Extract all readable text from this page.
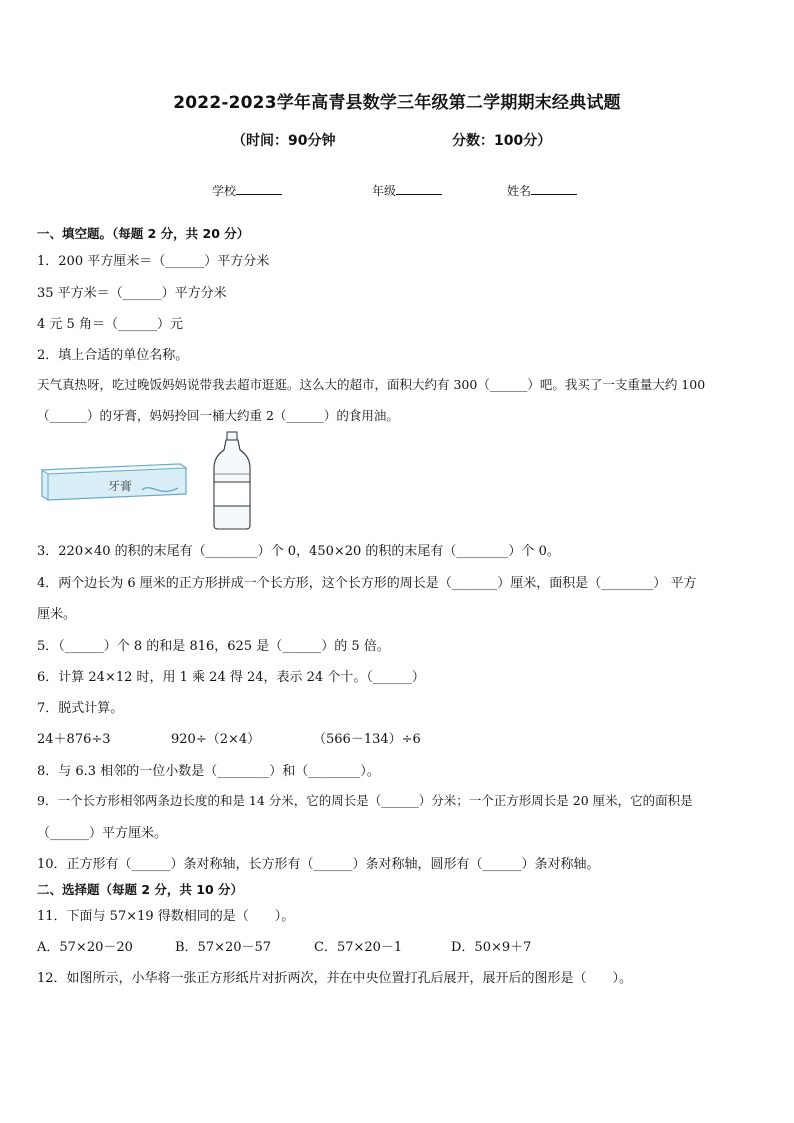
2022-2023学年高青县数学三年级第二学期期末经典试题
（时间：90分钟	分数：100分）
学校	年级	姓名
一、填空题。（每题 2 分，共 20 分）
1．200 平方厘米＝（______）平方分米
35 平方米＝（______）平方分米
4 元 5 角＝（______）元
2．填上合适的单位名称。
天气真热呀，吃过晚饭妈妈说带我去超市逛逛。这么大的超市，面积大约有 300（______）吧。我买了一支重量大约 100
（______）的牙膏，妈妈拎回一桶大约重 2（______）的食用油。
牙膏
3．220×40 的积的末尾有（________）个 0，450×20 的积的末尾有（________）个 0。
4．两个边长为 6 厘米的正方形拼成一个长方形，这个长方形的周长是（_______）厘米，面积是（________） 平方
厘米。
5．（______）个 8 的和是 816，625 是（______）的 5 倍。
6．计算 24×12 时，用 1 乘 24 得 24，表示 24 个十。（______）
7．脱式计算。
24＋876÷3	920÷（2×4）	（566－134）÷6
8．与 6.3 相邻的一位小数是（________）和（________）。
9．一个长方形相邻两条边长度的和是 14 分米，它的周长是（______）分米；一个正方形周长是 20 厘米，它的面积是
（______）平方厘米。
10．正方形有（______）条对称轴，长方形有（______）条对称轴，圆形有（______）条对称轴。
二、选择题（每题 2 分，共 10 分）
11．下面与 57×19 得数相同的是（　　）。
A．57×20－20	B．57×20－57	C．57×20－1	D．50×9＋7
12．如图所示，小华将一张正方形纸片对折两次，并在中央位置打孔后展开，展开后的图形是（　　）。
